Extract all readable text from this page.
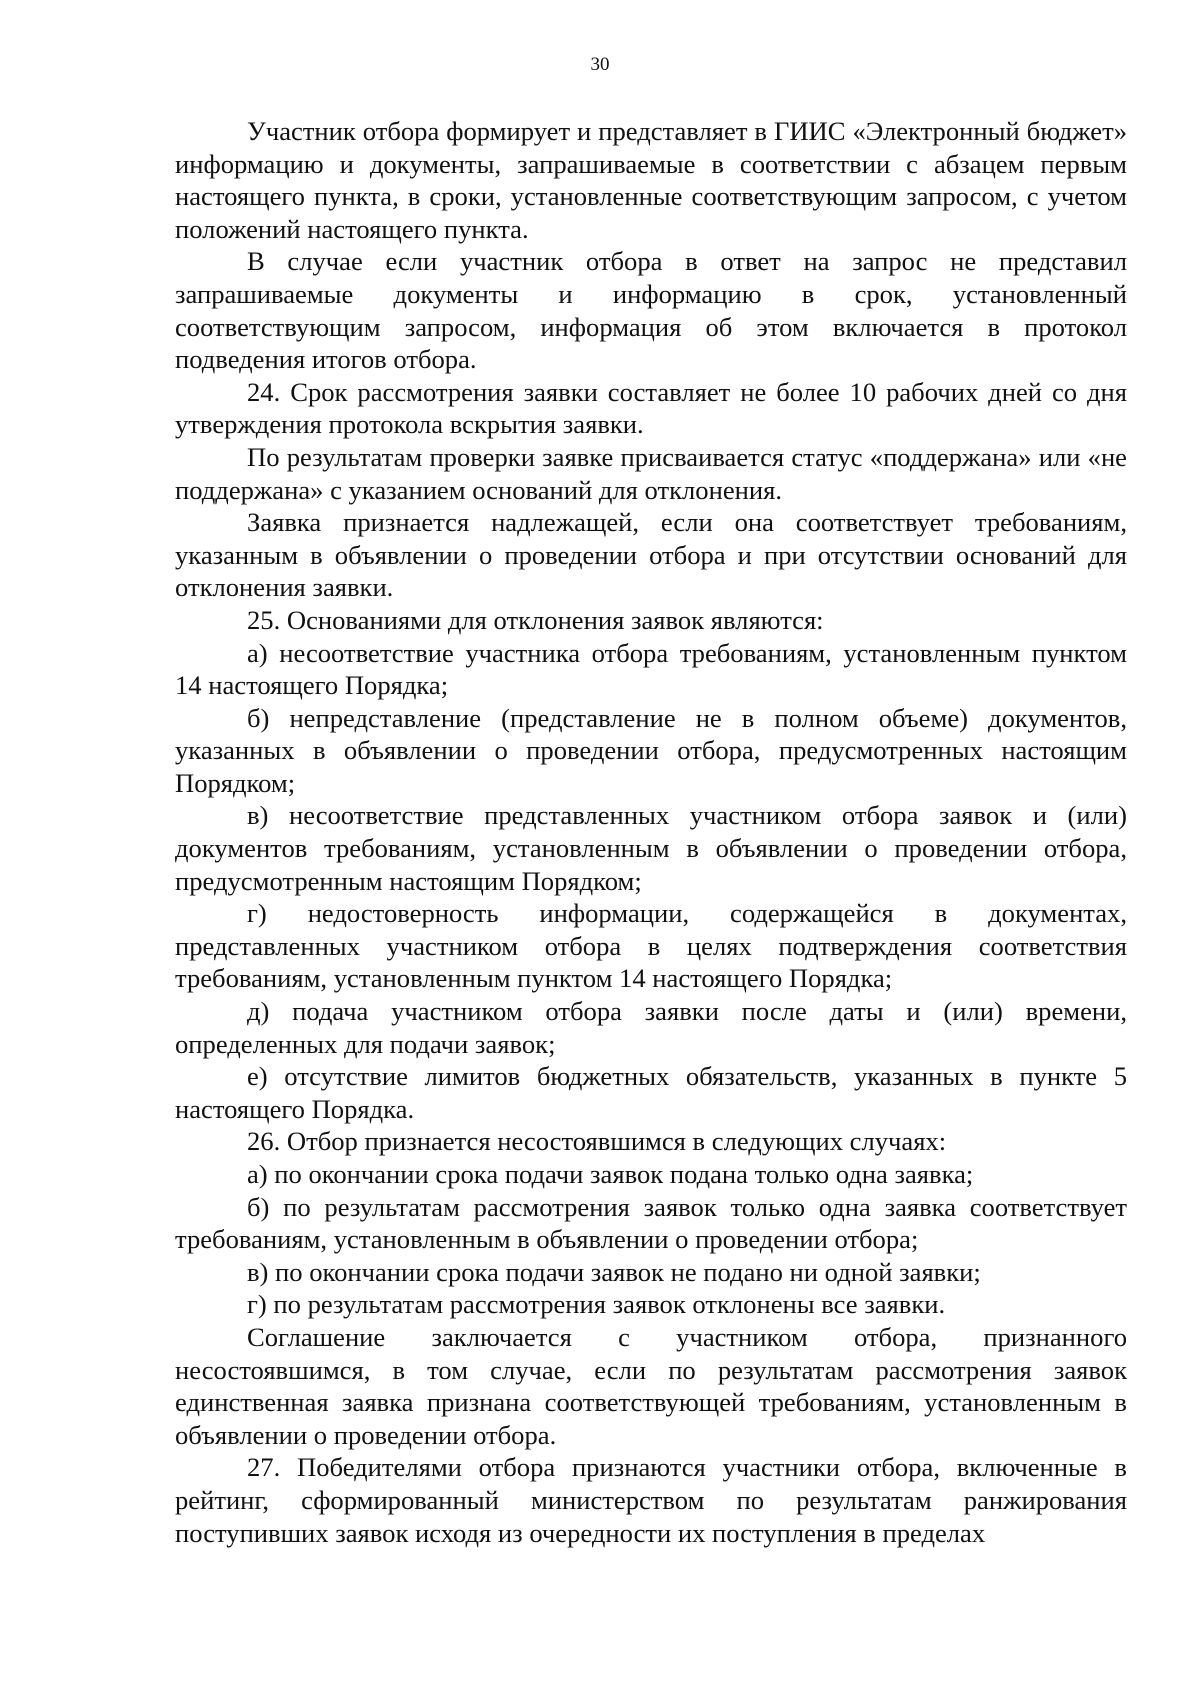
30

Участник отбора формирует и представляет в ГИИС «Электронный бюджет» информацию и документы, запрашиваемые в соответствии с абзацем первым настоящего пункта, в сроки, установленные соответствующим запросом, с учетом положений настоящего пункта.

В случае если участник отбора в ответ на запрос не представил запрашиваемые документы и информацию в срок, установленный соответствующим запросом, информация об этом включается в протокол подведения итогов отбора.

24. Срок рассмотрения заявки составляет не более 10 рабочих дней со дня утверждения протокола вскрытия заявки.

По результатам проверки заявке присваивается статус «поддержана» или «не поддержана» с указанием оснований для отклонения.

Заявка признается надлежащей, если она соответствует требованиям, указанным в объявлении о проведении отбора и при отсутствии оснований для отклонения заявки.

25. Основаниями для отклонения заявок являются:

а) несоответствие участника отбора требованиям, установленным пунктом 14 настоящего Порядка;

б) непредставление (представление не в полном объеме) документов, указанных в объявлении о проведении отбора, предусмотренных настоящим Порядком;

в) несоответствие представленных участником отбора заявок и (или) документов требованиям, установленным в объявлении о проведении отбора, предусмотренным настоящим Порядком;

г) недостоверность информации, содержащейся в документах, представленных участником отбора в целях подтверждения соответствия требованиям, установленным пунктом 14 настоящего Порядка;

д) подача участником отбора заявки после даты и (или) времени, определенных для подачи заявок;

е) отсутствие лимитов бюджетных обязательств, указанных в пункте 5 настоящего Порядка.

26. Отбор признается несостоявшимся в следующих случаях:

а) по окончании срока подачи заявок подана только одна заявка;

б) по результатам рассмотрения заявок только одна заявка соответствует требованиям, установленным в объявлении о проведении отбора;

в) по окончании срока подачи заявок не подано ни одной заявки;

г) по результатам рассмотрения заявок отклонены все заявки.

Соглашение заключается с участником отбора, признанного несостоявшимся, в том случае, если по результатам рассмотрения заявок единственная заявка признана соответствующей требованиям, установленным в объявлении о проведении отбора.

27. Победителями отбора признаются участники отбора, включенные в рейтинг, сформированный министерством по результатам ранжирования поступивших заявок исходя из очередности их поступления в пределах
